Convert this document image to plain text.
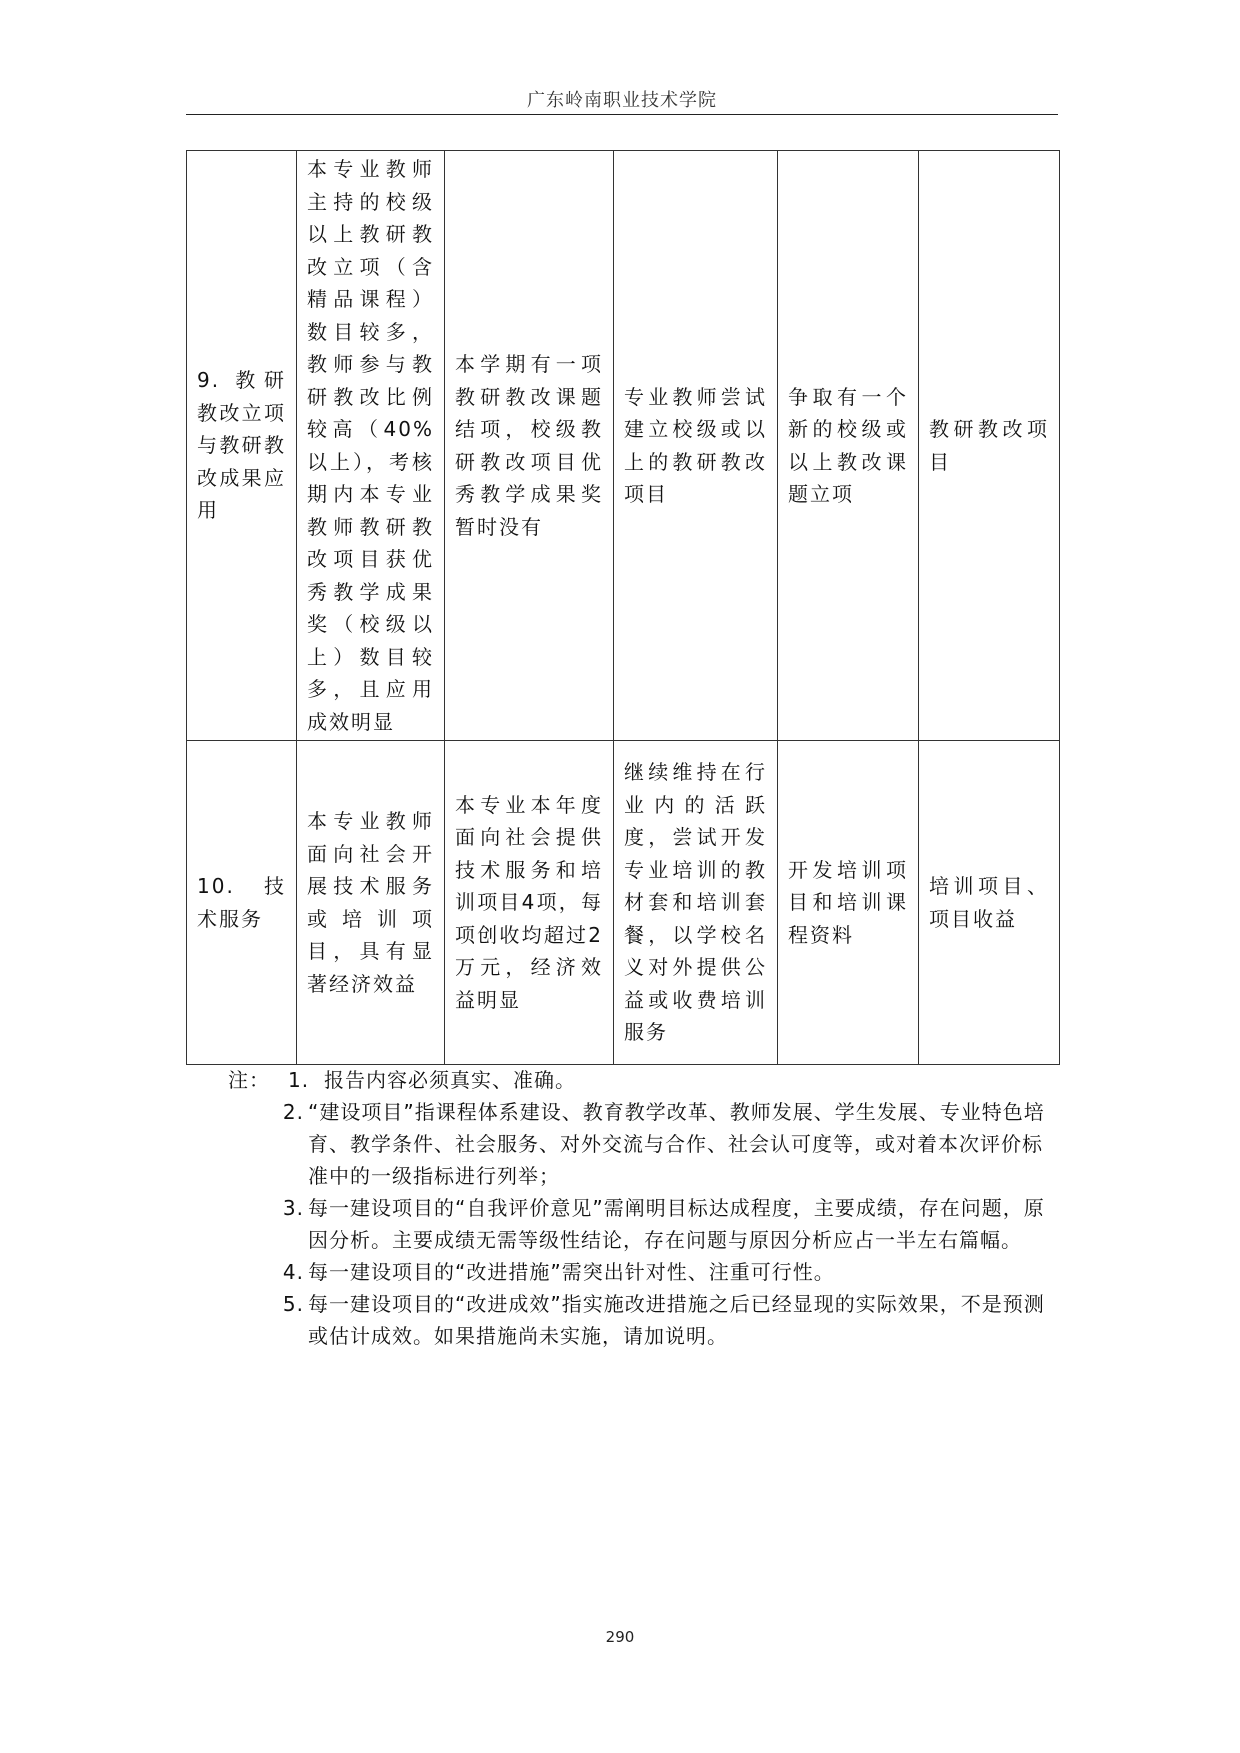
广东岭南职业技术学院
9. 教研教改立项与教研教改成果应用	本专业教师主持的校级以上教研教改立项（含精品课程）数目较多，教师参与教研教改比例较高（40%以上），考核期内本专业教师教研教改项目获优秀教学成果奖（校级以上）数目较多，且应用成效明显	本学期有一项教研教改课题结项，校级教研教改项目优秀教学成果奖暂时没有	专业教师尝试建立校级或以上的教研教改项目	争取有一个新的校级或以上教改课题立项	教研教改项目
10. 技术服务	本专业教师面向社会开展技术服务或培训项目，具有显著经济效益	本专业本年度面向社会提供技术服务和培训项目4项，每项创收均超过2万元，经济效益明显	继续维持在行业内的活跃度，尝试开发专业培训的教材套和培训套餐，以学校名义对外提供公益或收费培训服务	开发培训项目和培训课程资料	培训项目、项目收益
注： 1. 报告内容必须真实、准确。
2. “建设项目”指课程体系建设、教育教学改革、教师发展、学生发展、专业特色培育、教学条件、社会服务、对外交流与合作、社会认可度等，或对着本次评价标准中的一级指标进行列举；
3. 每一建设项目的“自我评价意见”需阐明目标达成程度，主要成绩，存在问题，原因分析。主要成绩无需等级性结论，存在问题与原因分析应占一半左右篇幅。
4. 每一建设项目的“改进措施”需突出针对性、注重可行性。
5. 每一建设项目的“改进成效”指实施改进措施之后已经显现的实际效果，不是预测或估计成效。如果措施尚未实施，请加说明。
290
